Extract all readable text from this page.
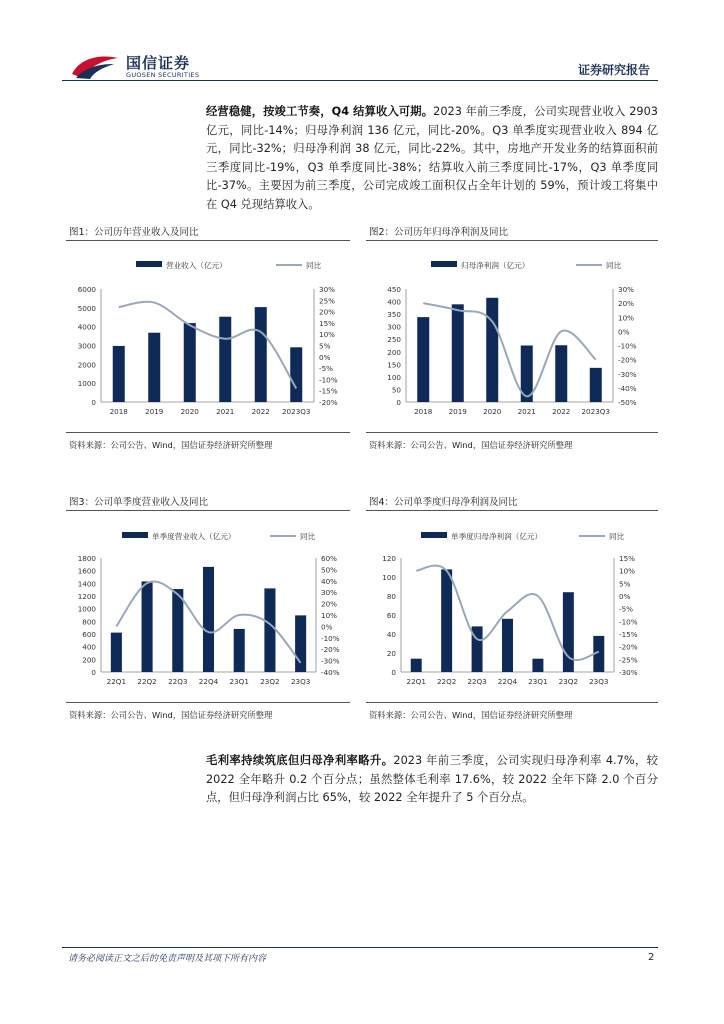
国信证券
GUOSEN SECURITIES	证券研究报告
经营稳健，按竣工节奏，Q4 结算收入可期。2023 年前三季度，公司实现营业收入 2903 亿元，同比-14%；归母净利润 136 亿元，同比-20%。Q3 单季度实现营业收入 894 亿元，同比-32%；归母净利润 38 亿元，同比-22%。其中，房地产开发业务的结算面积前三季度同比-19%，Q3 单季度同比-38%；结算收入前三季度同比-17%，Q3 单季度同比-37%。主要因为前三季度，公司完成竣工面积仅占全年计划的 59%，预计竣工将集中在 Q4 兑现结算收入。
图1：公司历年营业收入及同比
0
1000
2000
3000
4000
5000
6000
-20%
-15%
-10%
-5%
0%
5%
10%
15%
20%
25%
30%
2018 2019 2020 2021 2022 2023Q3
营业收入（亿元）	同比
资料来源：公司公告、Wind，国信证券经济研究所整理
图2：公司历年归母净利润及同比
0
50
100
150
200
250
300
350
400
450
-50%
-40%
-30%
-20%
-10%
0%
10%
20%
30%
2018 2019 2020 2021 2022 2023Q3
归母净利润（亿元）	同比
资料来源：公司公告、Wind，国信证券经济研究所整理
图3：公司单季度营业收入及同比
0
200
400
600
800
1000
1200
1400
1600
1800
-40%
-30%
-20%
-10%
0%
10%
20%
30%
40%
50%
60%
22Q1 22Q2 22Q3 22Q4 23Q1 23Q2 23Q3
单季度营业收入（亿元）	同比
资料来源：公司公告、Wind，国信证券经济研究所整理
图4：公司单季度归母净利润及同比
0
20
40
60
80
100
120
-30%
-25%
-20%
-15%
-10%
-5%
0%
5%
10%
15%
22Q1 22Q2 22Q3 22Q4 23Q1 23Q2 23Q3
单季度归母净利润（亿元）	同比
资料来源：公司公告、Wind，国信证券经济研究所整理
毛利率持续筑底但归母净利率略升。2023 年前三季度，公司实现归母净利率 4.7%，较 2022 全年略升 0.2 个百分点；虽然整体毛利率 17.6%，较 2022 全年下降 2.0 个百分点，但归母净利润占比 65%，较 2022 全年提升了 5 个百分点。
请务必阅读正文之后的免责声明及其项下所有内容	2
